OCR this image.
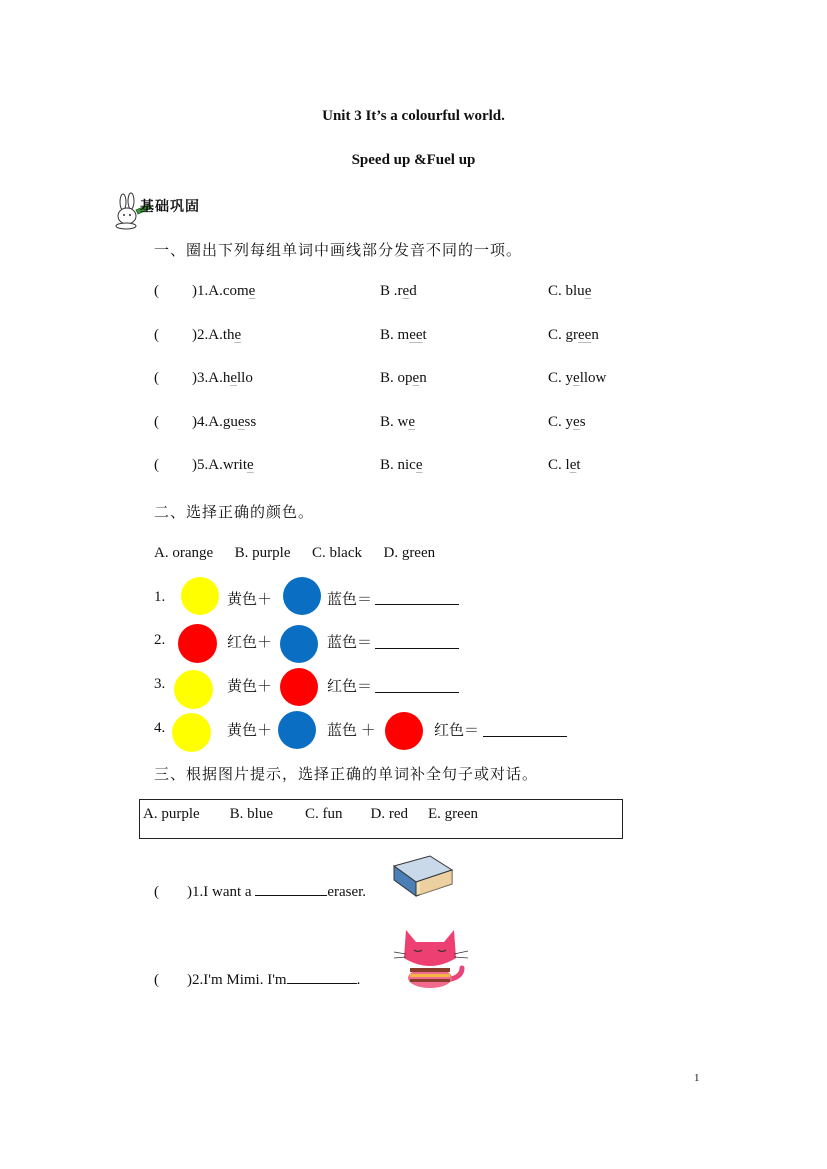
Unit 3 It’s a colourful world.
Speed up &Fuel up
基础巩固
一、圈出下列每组单词中画线部分发音不同的一项。
( )1.A.come	B .red	C. blue
( )2.A.the	B. meet	C. green
( )3.A.hello	B. open	C. yellow
( )4.A.guess	B. we	C. yes
( )5.A.write	B. nice	C. let
二、选择正确的颜色。
A. orange B. purple C. black D. green
1.	黄色＋	蓝色＝
2.	红色＋	蓝色＝
3.	黄色＋	红色＝
4.	黄色＋	蓝色 ＋	红色＝
三、根据图片提示，选择正确的单词补全句子或对话。
A. purple B. blue C. fun D. red E. green
( )1.I want a	eraser.
( )2.I'm Mimi. I'm	.
1
